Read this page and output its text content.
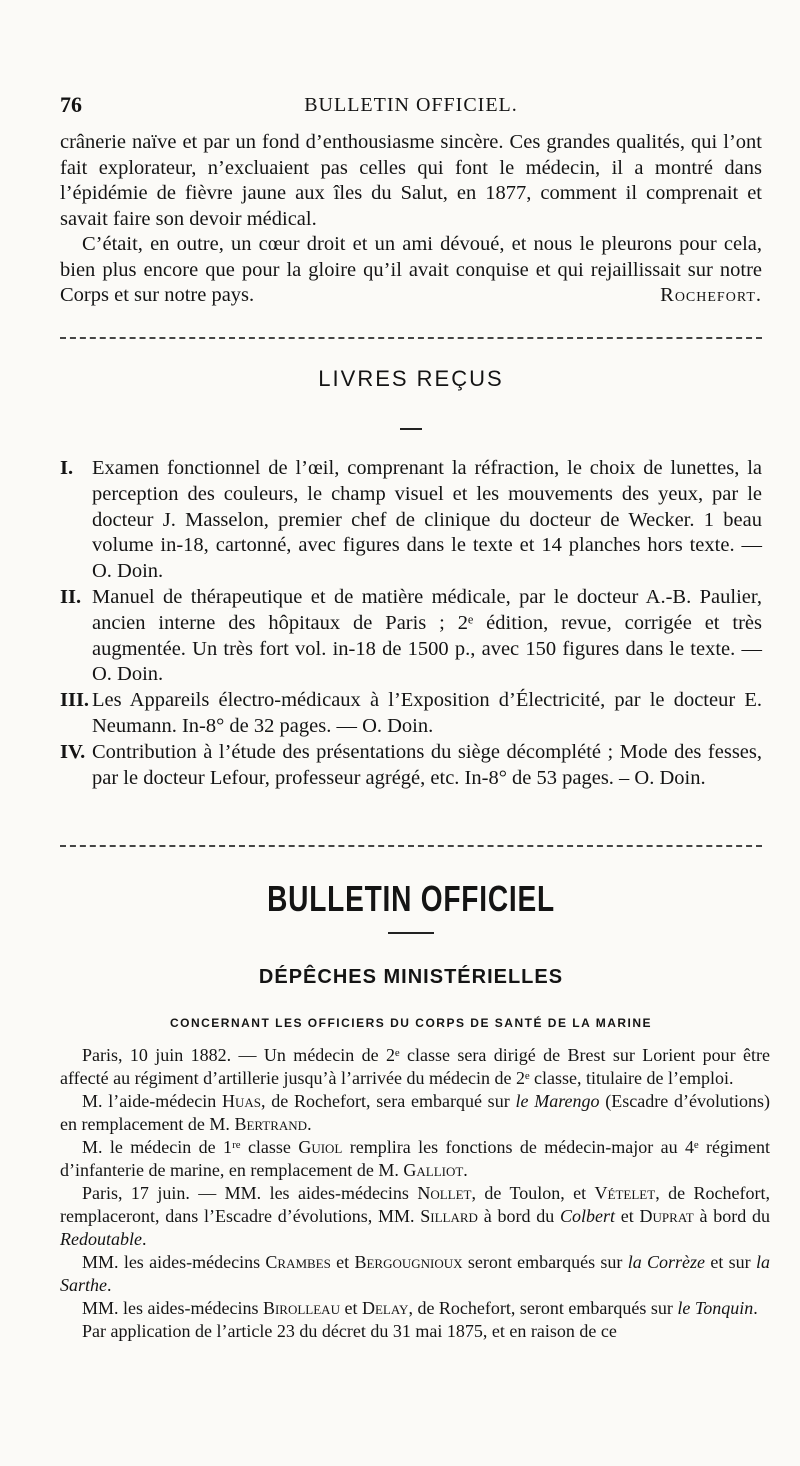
76	BULLETIN OFFICIEL.

crânerie naïve et par un fond d’enthousiasme sincère. Ces grandes qualités, qui l’ont fait explorateur, n’excluaient pas celles qui font le médecin, il a montré dans l’épidémie de fièvre jaune aux îles du Salut, en 1877, comment il comprenait et savait faire son devoir médical.

C’était, en outre, un cœur droit et un ami dévoué, et nous le pleurons pour cela, bien plus encore que pour la gloire qu’il avait conquise et qui rejaillissait sur notre Corps et sur notre pays.	Rochefort.

LIVRES REÇUS
I. Examen fonctionnel de l’œil, comprenant la réfraction, le choix de lunettes, la perception des couleurs, le champ visuel et les mouvements des yeux, par le docteur J. Masselon, premier chef de clinique du docteur de Wecker. 1 beau volume in-18, cartonné, avec figures dans le texte et 14 planches hors texte. — O. Doin.
II. Manuel de thérapeutique et de matière médicale, par le docteur A.-B. Paulier, ancien interne des hôpitaux de Paris ; 2ᵉ édition, revue, corrigée et très augmentée. Un très fort vol. in-18 de 1500 p., avec 150 figures dans le texte. — O. Doin.
III. Les Appareils électro-médicaux à l’Exposition d’Électricité, par le docteur E. Neumann. In-8° de 32 pages. — O. Doin.
IV. Contribution à l’étude des présentations du siège décomplété ; Mode des fesses, par le docteur Lefour, professeur agrégé, etc. In-8° de 53 pages. – O. Doin.
BULLETIN OFFICIEL
DÉPÊCHES MINISTÉRIELLES
CONCERNANT LES OFFICIERS DU CORPS DE SANTÉ DE LA MARINE

Paris, 10 juin 1882. — Un médecin de 2ᵉ classe sera dirigé de Brest sur Lorient pour être affecté au régiment d’artillerie jusqu’à l’arrivée du médecin de 2ᵉ classe, titulaire de l’emploi.

M. l’aide-médecin Huas, de Rochefort, sera embarqué sur le Marengo (Escadre d’évolutions) en remplacement de M. Bertrand.

M. le médecin de 1ʳᵉ classe Guiol remplira les fonctions de médecin-major au 4ᵉ régiment d’infanterie de marine, en remplacement de M. Galliot.

Paris, 17 juin. — MM. les aides-médecins Nollet, de Toulon, et Vételet, de Rochefort, remplaceront, dans l’Escadre d’évolutions, MM. Sillard à bord du Colbert et Duprat à bord du Redoutable.

MM. les aides-médecins Crambes et Bergougnioux seront embarqués sur la Corrèze et sur la Sarthe.

MM. les aides-médecins Birolleau et Delay, de Rochefort, seront embarqués sur le Tonquin.

Par application de l’article 23 du décret du 31 mai 1875, et en raison de ce
